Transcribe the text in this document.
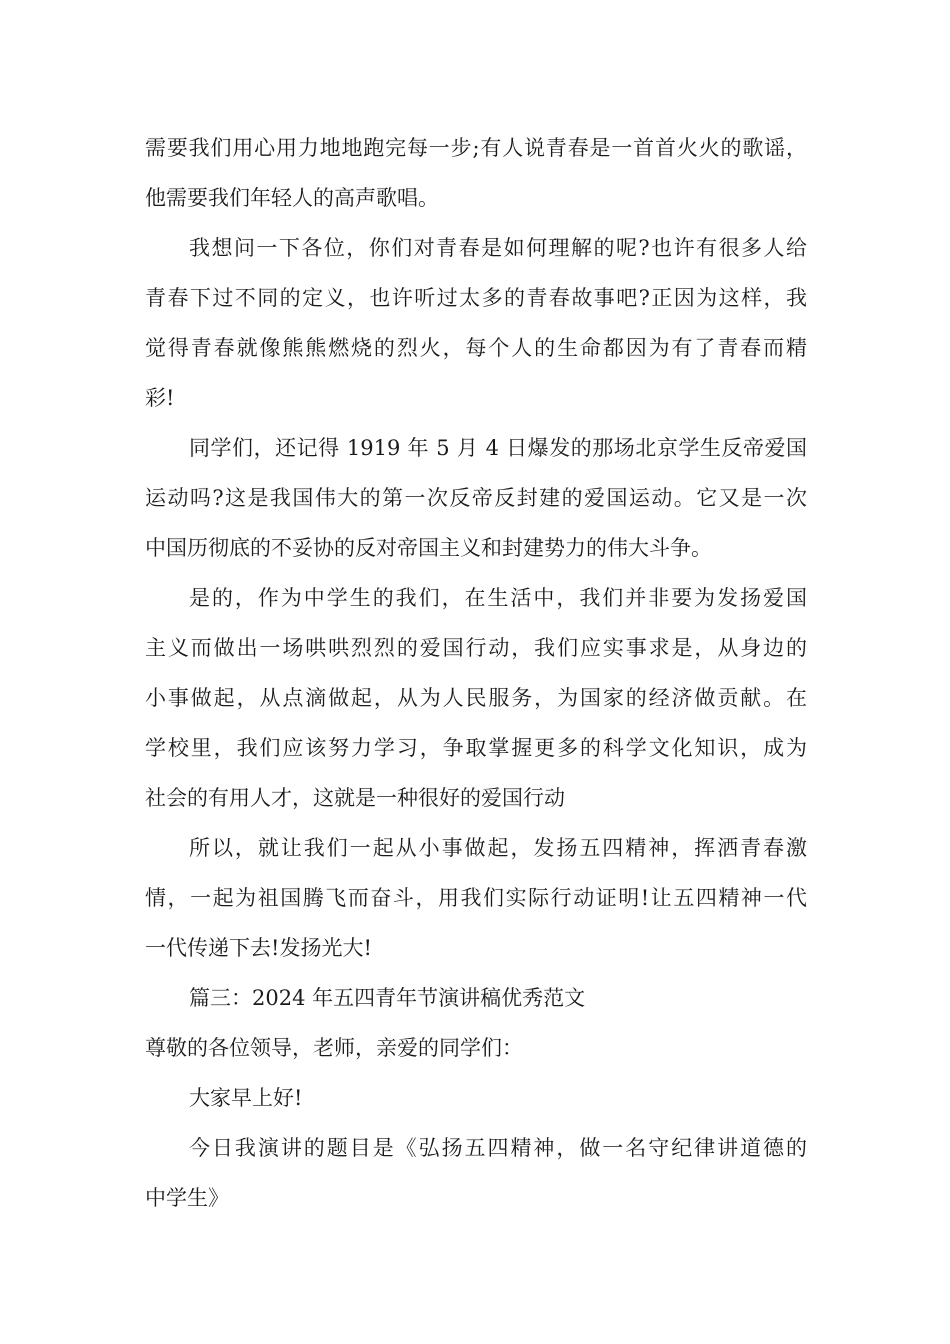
需要我们用心用力地地跑完每一步;有人说青春是一首首火火的歌谣，
他需要我们年轻人的高声歌唱。
我想问一下各位，你们对青春是如何理解的呢?也许有很多人给
青春下过不同的定义，也许听过太多的青春故事吧?正因为这样，我
觉得青春就像熊熊燃烧的烈火，每个人的生命都因为有了青春而精
彩!
同学们，还记得 1919 年 5 月 4 日爆发的那场北京学生反帝爱国
运动吗?这是我国伟大的第一次反帝反封建的爱国运动。它又是一次
中国历彻底的不妥协的反对帝国主义和封建势力的伟大斗争。
是的，作为中学生的我们，在生活中，我们并非要为发扬爱国
主义而做出一场哄哄烈烈的爱国行动，我们应实事求是，从身边的
小事做起，从点滴做起，从为人民服务，为国家的经济做贡献。在
学校里，我们应该努力学习，争取掌握更多的科学文化知识，成为
社会的有用人才，这就是一种很好的爱国行动
所以，就让我们一起从小事做起，发扬五四精神，挥洒青春激
情，一起为祖国腾飞而奋斗，用我们实际行动证明!让五四精神一代
一代传递下去!发扬光大!
篇三：2024 年五四青年节演讲稿优秀范文
尊敬的各位领导，老师，亲爱的同学们：
大家早上好!
今日我演讲的题目是《弘扬五四精神，做一名守纪律讲道德的
中学生》
